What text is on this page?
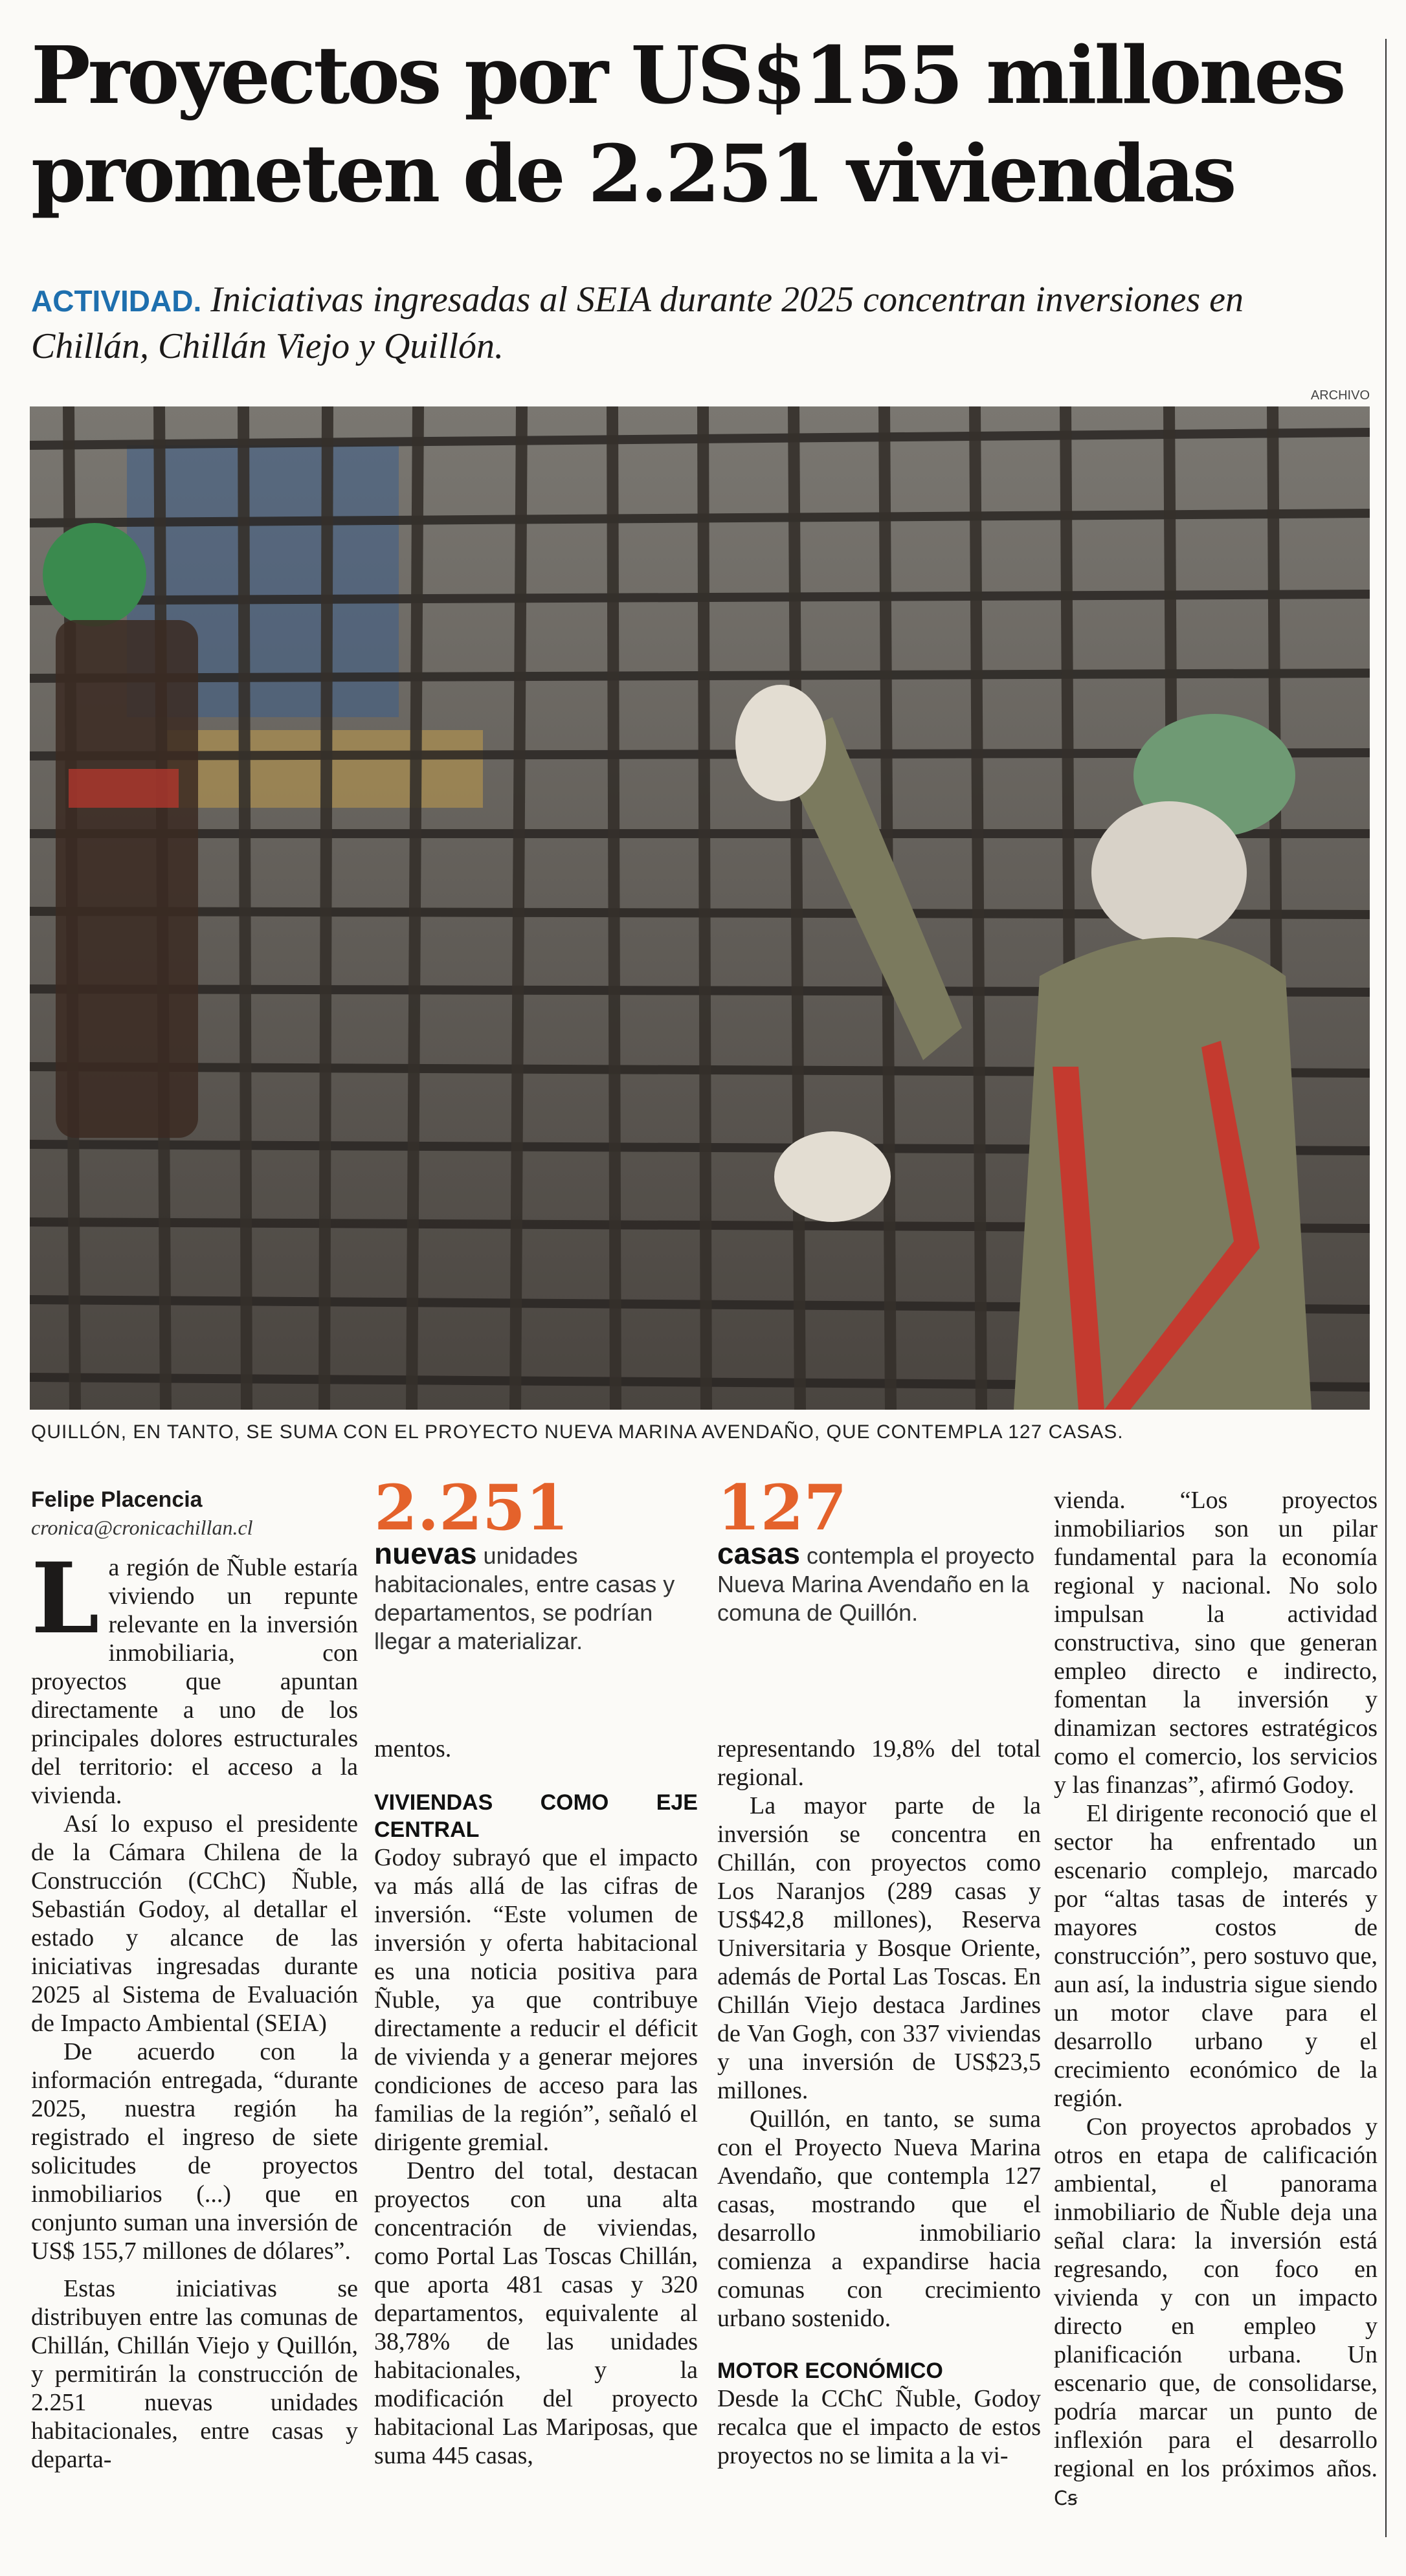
Proyectos por US$155 millones
prometen de 2.251 viviendas
ACTIVIDAD. Iniciativas ingresadas al SEIA durante 2025 concentran inversiones en Chillán, Chillán Viejo y Quillón.
ARCHIVO
QUILLÓN, EN TANTO, SE SUMA CON EL PROYECTO NUEVA MARINA AVENDAÑO, QUE CONTEMPLA 127 CASAS.
Felipe Placencia
cronica@cronicachillan.cl

La región de Ñuble estaría viviendo un repunte relevante en la inversión inmobiliaria, con proyectos que apuntan directamente a uno de los principales dolores estructurales del territorio: el acceso a la vivienda.

Así lo expuso el presidente de la Cámara Chilena de la Construcción (CChC) Ñuble, Sebastián Godoy, al detallar el estado y alcance de las iniciativas ingresadas durante 2025 al Sistema de Evaluación de Impacto Ambiental (SEIA)

De acuerdo con la información entregada, “durante 2025, nuestra región ha registrado el ingreso de siete solicitudes de proyectos inmobiliarios (...) que en conjunto suman una inversión de US$ 155,7 millones de dólares”.

Estas iniciativas se distribuyen entre las comunas de Chillán, Chillán Viejo y Quillón, y permitirán la construcción de 2.251 nuevas unidades habitacionales, entre casas y departa-

2.251
nuevas unidades habitacionales, entre casas y departamentos, se podrían llegar a materializar.
127
casas contempla el proyecto Nueva Marina Avendaño en la comuna de Quillón.

mentos.

VIVIENDAS COMO EJE CENTRAL

Godoy subrayó que el impacto va más allá de las cifras de inversión. “Este volumen de inversión y oferta habitacional es una noticia positiva para Ñuble, ya que contribuye directamente a reducir el déficit de vivienda y a generar mejores condiciones de acceso para las familias de la región”, señaló el dirigente gremial.

Dentro del total, destacan proyectos con una alta concentración de viviendas, como Portal Las Toscas Chillán, que aporta 481 casas y 320 departamentos, equivalente al 38,78% de las unidades habitacionales, y la modificación del proyecto habitacional Las Mariposas, que suma 445 casas,

representando 19,8% del total regional.

La mayor parte de la inversión se concentra en Chillán, con proyectos como Los Naranjos (289 casas y US$42,8 millones), Reserva Universitaria y Bosque Oriente, además de Portal Las Toscas. En Chillán Viejo destaca Jardines de Van Gogh, con 337 viviendas y una inversión de US$23,5 millones.

Quillón, en tanto, se suma con el Proyecto Nueva Marina Avendaño, que contempla 127 casas, mostrando que el desarrollo inmobiliario comienza a expandirse hacia comunas con crecimiento urbano sostenido.

MOTOR ECONÓMICO

Desde la CChC Ñuble, Godoy recalca que el impacto de estos proyectos no se limita a la vi-

vienda. “Los proyectos inmobiliarios son un pilar fundamental para la economía regional y nacional. No solo impulsan la actividad constructiva, sino que generan empleo directo e indirecto, fomentan la inversión y dinamizan sectores estratégicos como el comercio, los servicios y las finanzas”, afirmó Godoy.

El dirigente reconoció que el sector ha enfrentado un escenario complejo, marcado por “altas tasas de interés y mayores costos de construcción”, pero sostuvo que, aun así, la industria sigue siendo un motor clave para el desarrollo urbano y el crecimiento económico de la región.

Con proyectos aprobados y otros en etapa de calificación ambiental, el panorama inmobiliario de Ñuble deja una señal clara: la inversión está regresando, con foco en vivienda y con un impacto directo en empleo y planificación urbana. Un escenario que, de consolidarse, podría marcar un punto de inflexión para el desarrollo regional en los próximos años. Cꞩ
